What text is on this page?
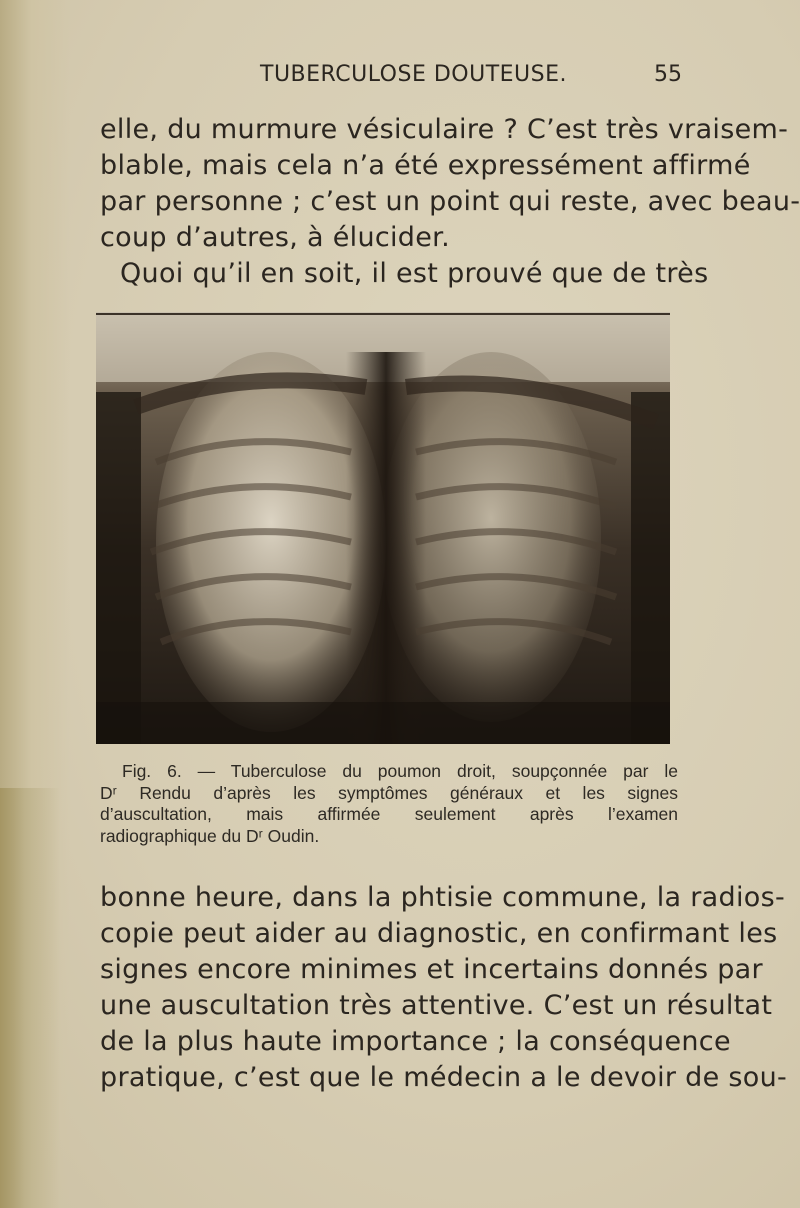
TUBERCULOSE DOUTEUSE.	55
elle, du murmure vésiculaire ? C’est très vraisem-
blable, mais cela n’a été expressément affirmé
par personne ; c’est un point qui reste, avec beau-
coup d’autres, à élucider.
Quoi qu’il en soit, il est prouvé que de très
Fig. 6. — Tuberculose du poumon droit, soupçonnée par le
Dʳ Rendu d’après les symptômes généraux et les signes
d’auscultation, mais affirmée seulement après l’examen
radiographique du Dʳ Oudin.
bonne heure, dans la phtisie commune, la radios-
copie peut aider au diagnostic, en confirmant les
signes encore minimes et incertains donnés par
une auscultation très attentive. C’est un résultat
de la plus haute importance ; la conséquence
pratique, c’est que le médecin a le devoir de sou-
